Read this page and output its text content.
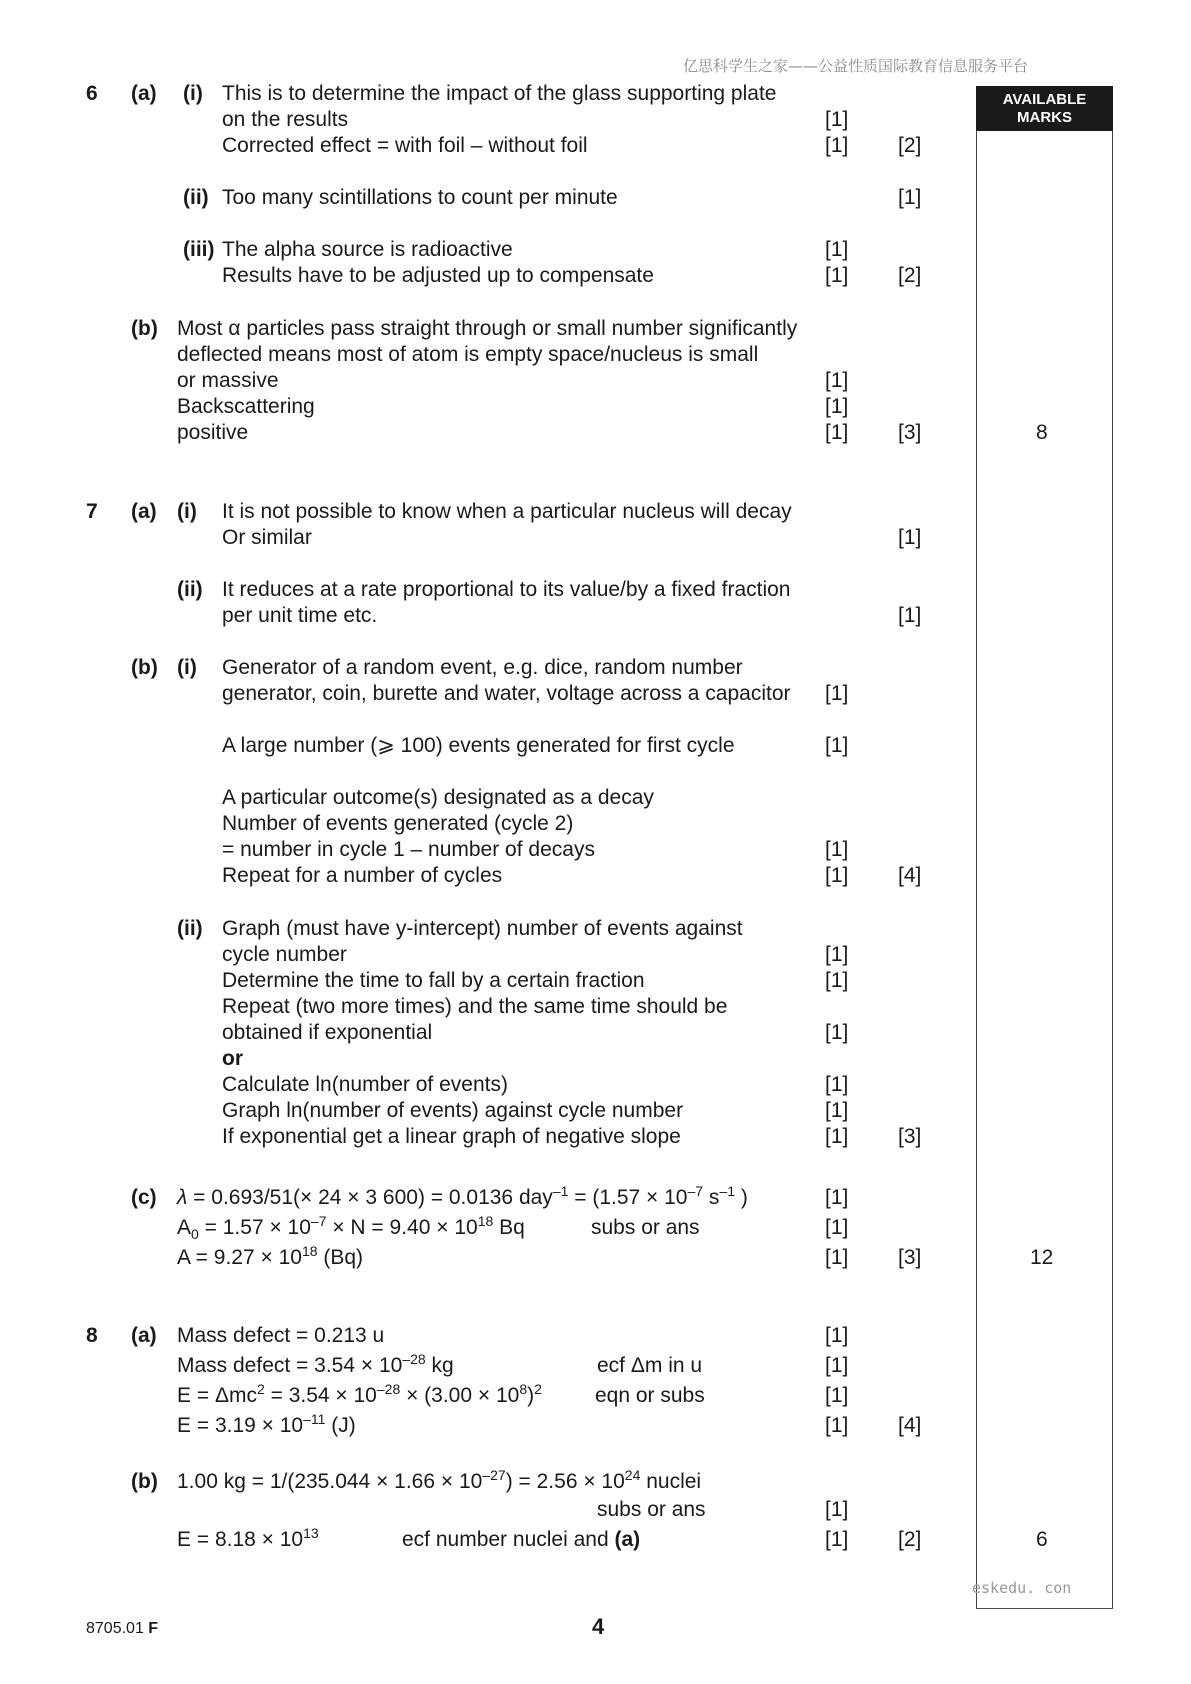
亿思科学生之家——公益性质国际教育信息服务平台
AVAILABLE
MARKS
6 (a) (i) This is to determine the impact of the glass supporting plate
on the results	[1]
Corrected effect = with foil – without foil	[1] [2]
(ii) Too many scintillations to count per minute	[1]
(iii) The alpha source is radioactive	[1]
Results have to be adjusted up to compensate	[1] [2]
(b) Most α particles pass straight through or small number significantly
deflected means most of atom is empty space/nucleus is small
or massive	[1]
Backscattering	[1]
positive	[1] [3]	8
7 (a) (i) It is not possible to know when a particular nucleus will decay
Or similar	[1]
(ii) It reduces at a rate proportional to its value/by a fixed fraction
per unit time etc.	[1]
(b) (i) Generator of a random event, e.g. dice, random number
generator, coin, burette and water, voltage across a capacitor [1]
A large number (⩾ 100) events generated for first cycle	[1]
A particular outcome(s) designated as a decay
Number of events generated (cycle 2)
= number in cycle 1 – number of decays	[1]
Repeat for a number of cycles	[1] [4]
(ii) Graph (must have y-intercept) number of events against
cycle number	[1]
Determine the time to fall by a certain fraction	[1]
Repeat (two more times) and the same time should be
obtained if exponential	[1]
or
Calculate ln(number of events)	[1]
Graph ln(number of events) against cycle number	[1]
If exponential get a linear graph of negative slope	[1] [3]
(c) λ = 0.693/51(× 24 × 3 600) = 0.0136 $day^{-1} = (1.57 \times 10^{-7}$ $s^{-1}$ )	[1]
$A_0 = 1.57 \times 10^{-7} \times N = 9.40 \times 10^{18}$ Bq	subs or ans	[1]
$A = 9.27 \times 10^{18}$ (Bq)	[1] [3]	12
8 (a) Mass defect = 0.213 u	[1]
Mass defect = $3.54 \times 10^{-28}$ kg	ecf Δm in u	[1]
$E = \Delta mc^2 = 3.54 \times 10^{-28} \times (3.00 \times 10^8)^2$	eqn or subs	[1]
$E = 3.19 \times 10^{-11}$ (J)	[1] [4]
(b) 1.00 kg = $1/(235.044 \times 1.66 \times 10^{-27}) = 2.56 \times 10^{24}$ nuclei
subs or ans	[1]
$E = 8.18 \times 10^{13}$	ecf number nuclei and (a)	[1] [2]	6
eskedu. con
8705.01 F	4
